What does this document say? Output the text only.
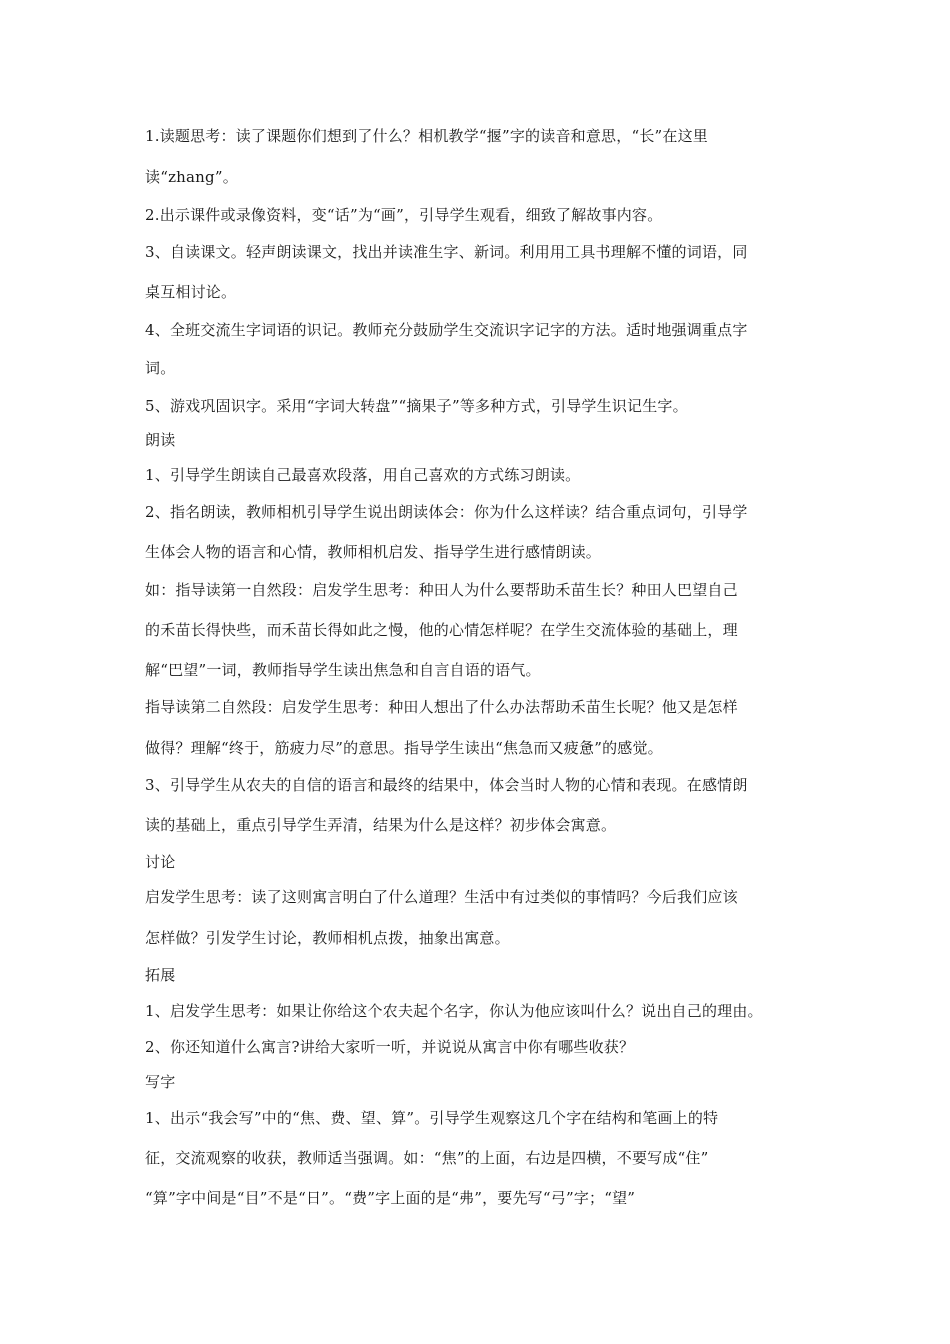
1.读题思考：读了课题你们想到了什么？相机教学“揠”字的读音和意思，“长”在这里
读“zhang”。
2.出示课件或录像资料，变“话”为“画”，引导学生观看，细致了解故事内容。
3、自读课文。轻声朗读课文，找出并读准生字、新词。利用用工具书理解不懂的词语，同
桌互相讨论。
4、全班交流生字词语的识记。教师充分鼓励学生交流识字记字的方法。适时地强调重点字
词。
5、游戏巩固识字。采用“字词大转盘”“摘果子”等多种方式，引导学生识记生字。
朗读
1、引导学生朗读自己最喜欢段落，用自己喜欢的方式练习朗读。
2、指名朗读，教师相机引导学生说出朗读体会：你为什么这样读？结合重点词句，引导学
生体会人物的语言和心情，教师相机启发、指导学生进行感情朗读。
如：指导读第一自然段：启发学生思考：种田人为什么要帮助禾苗生长？种田人巴望自己
的禾苗长得快些，而禾苗长得如此之慢，他的心情怎样呢？在学生交流体验的基础上，理
解“巴望”一词，教师指导学生读出焦急和自言自语的语气。
指导读第二自然段：启发学生思考：种田人想出了什么办法帮助禾苗生长呢？他又是怎样
做得？理解“终于，筋疲力尽”的意思。指导学生读出“焦急而又疲惫”的感觉。
3、引导学生从农夫的自信的语言和最终的结果中，体会当时人物的心情和表现。在感情朗
读的基础上，重点引导学生弄清，结果为什么是这样？初步体会寓意。
讨论
启发学生思考：读了这则寓言明白了什么道理？生活中有过类似的事情吗？今后我们应该
怎样做？引发学生讨论，教师相机点拨，抽象出寓意。
拓展
1、启发学生思考：如果让你给这个农夫起个名字，你认为他应该叫什么？说出自己的理由。
2、你还知道什么寓言?讲给大家听一听，并说说从寓言中你有哪些收获？
写字
1、出示“我会写”中的“焦、费、望、算”。引导学生观察这几个字在结构和笔画上的特
征，交流观察的收获，教师适当强调。如：“焦”的上面，右边是四横，不要写成“住”
“算”字中间是“目”不是“日”。“费”字上面的是“弗”，要先写“弓”字；“望”
